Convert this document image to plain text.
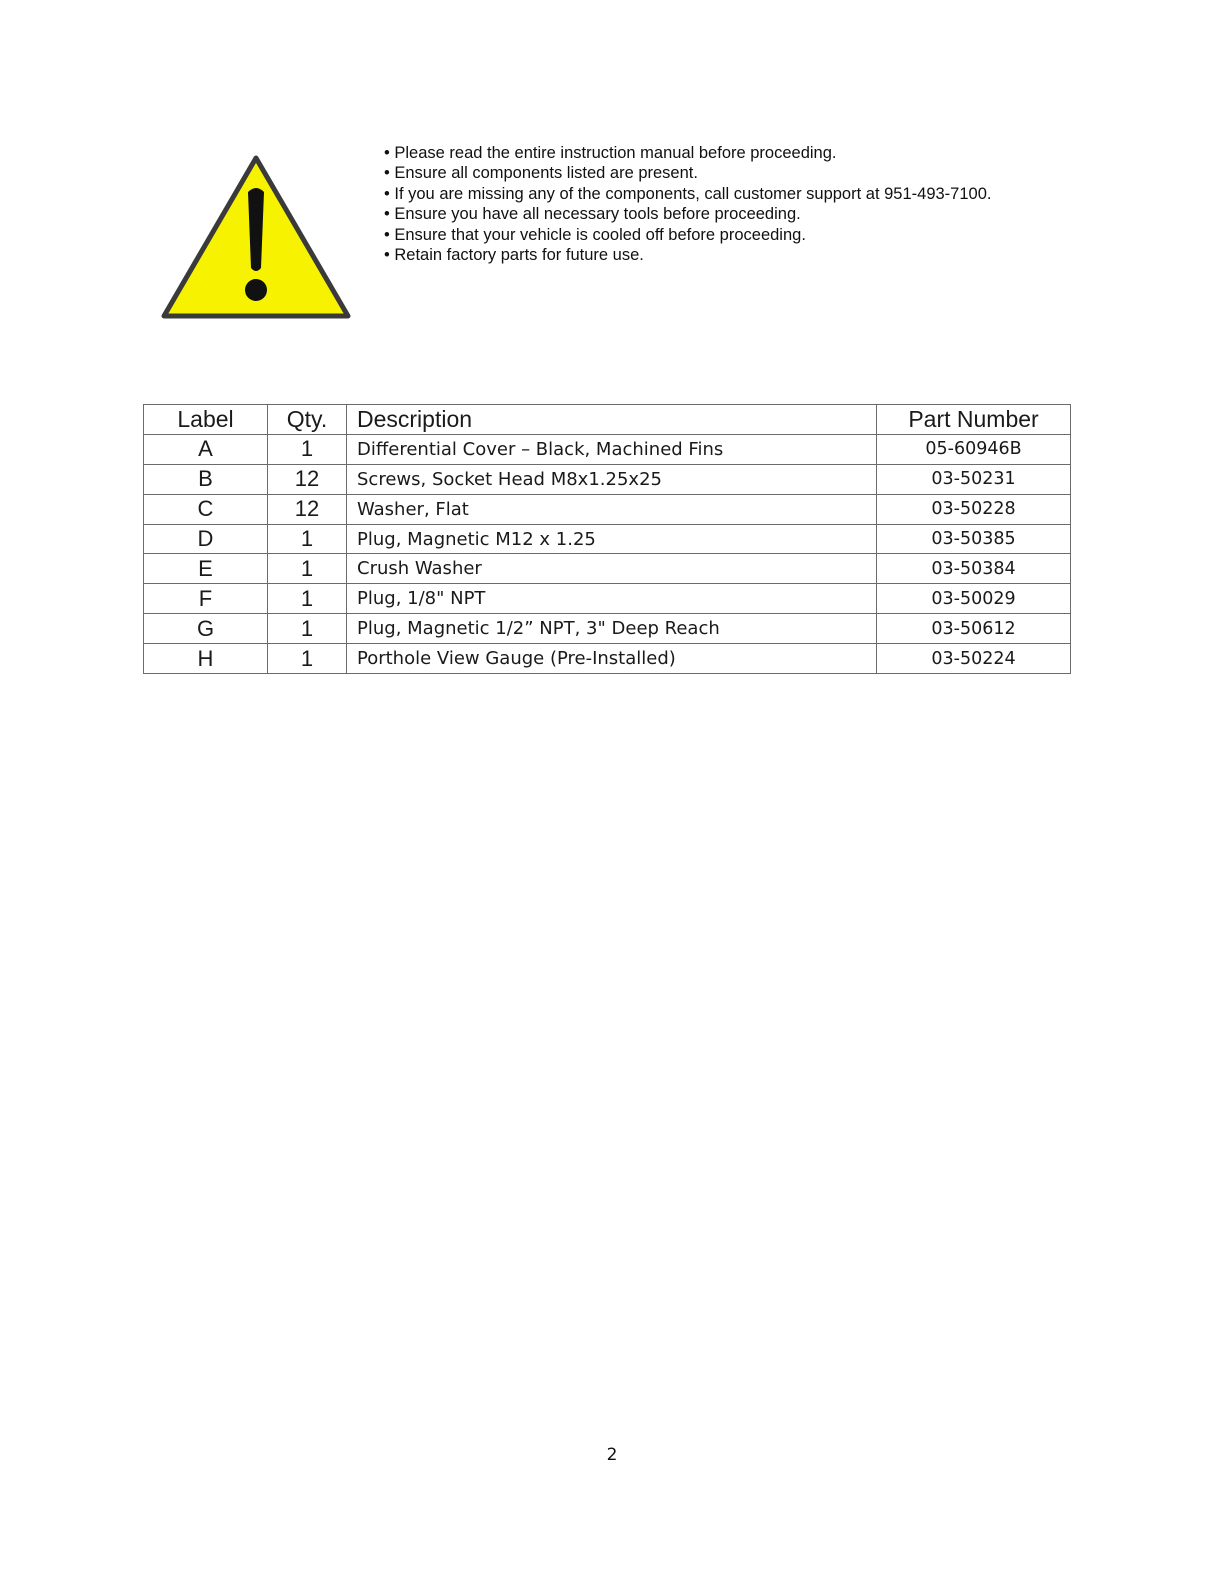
• Please read the entire instruction manual before proceeding.
• Ensure all components listed are present.
• If you are missing any of the components, call customer support at 951-493-7100.
• Ensure you have all necessary tools before proceeding.
• Ensure that your vehicle is cooled off before proceeding.
• Retain factory parts for future use.
Label	Qty.	Description	Part Number
A	1	Differential Cover – Black, Machined Fins	05-60946B
B	12	Screws, Socket Head M8x1.25x25	03-50231
C	12	Washer, Flat	03-50228
D	1	Plug, Magnetic M12 x 1.25	03-50385
E	1	Crush Washer	03-50384
F	1	Plug, 1/8" NPT	03-50029
G	1	Plug, Magnetic 1/2” NPT, 3" Deep Reach	03-50612
H	1	Porthole View Gauge (Pre-Installed)	03-50224
2
